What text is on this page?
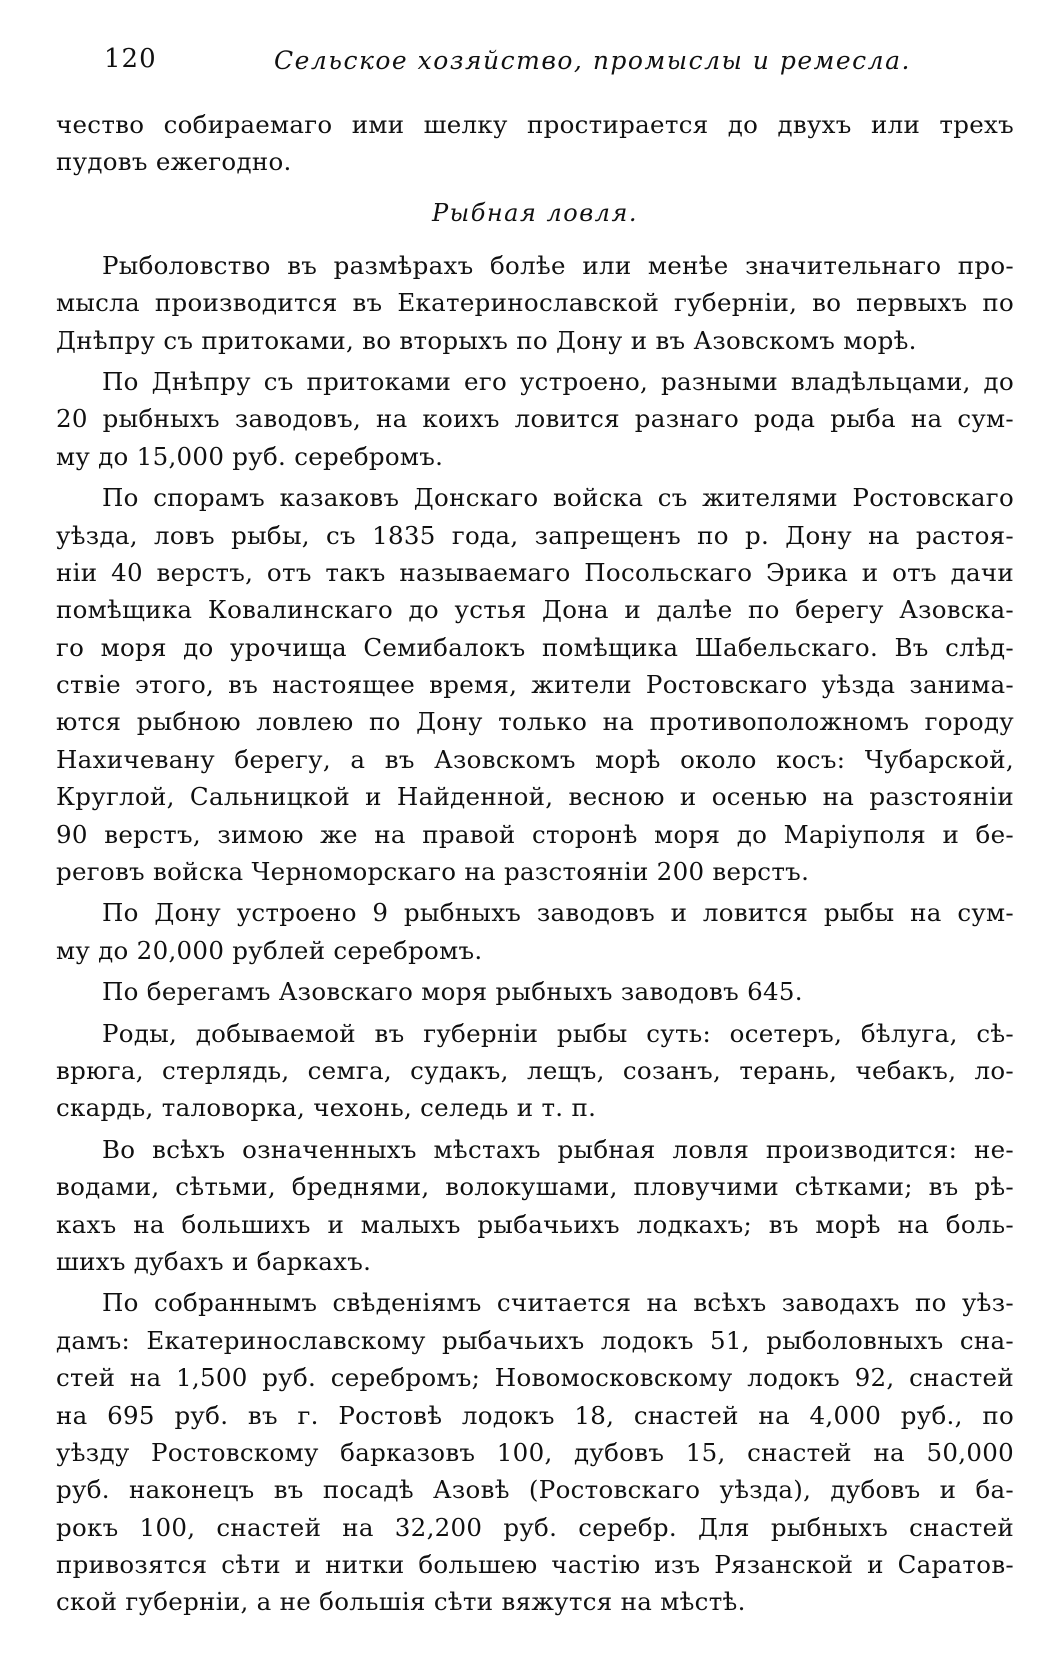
120	Сельское хозяйство, промыслы и ремесла.
чество собираемаго ими шелку простирается до двухъ или трехъ
пудовъ ежегодно.
Рыбная ловля.
Рыболовство въ размѣрахъ болѣе или менѣе значительнаго про-
мысла производится въ Екатеринославской губерніи, во первыхъ по
Днѣпру съ притоками, во вторыхъ по Дону и въ Азовскомъ морѣ.
По Днѣпру съ притоками его устроено, разными владѣльцами, до
20 рыбныхъ заводовъ, на коихъ ловится разнаго рода рыба на сум-
му до 15,000 руб. серебромъ.
По спорамъ казаковъ Донскаго войска съ жителями Ростовскаго
уѣзда, ловъ рыбы, съ 1835 года, запрещенъ по р. Дону на растоя-
ніи 40 верстъ, отъ такъ называемаго Посольскаго Эрика и отъ дачи
помѣщика Ковалинскаго до устья Дона и далѣе по берегу Азовска-
го моря до урочища Семибалокъ помѣщика Шабельскаго. Въ слѣд-
ствіе этого, въ настоящее время, жители Ростовскаго уѣзда занима-
ются рыбною ловлею по Дону только на противоположномъ городу
Нахичевану берегу, а въ Азовскомъ морѣ около косъ: Чубарской,
Круглой, Сальницкой и Найденной, весною и осенью на разстояніи
90 верстъ, зимою же на правой сторонѣ моря до Маріуполя и бе-
реговъ войска Черноморскаго на разстояніи 200 верстъ.
По Дону устроено 9 рыбныхъ заводовъ и ловится рыбы на сум-
му до 20,000 рублей серебромъ.
По берегамъ Азовскаго моря рыбныхъ заводовъ 645.
Роды, добываемой въ губерніи рыбы суть: осетеръ, бѣлуга, сѣ-
врюга, стерлядь, семга, судакъ, лещъ, созанъ, терань, чебакъ, ло-
скардь, таловорка, чехонь, селедь и т. п.
Во всѣхъ означенныхъ мѣстахъ рыбная ловля производится: не-
водами, сѣтьми, бреднями, волокушами, пловучими сѣтками; въ рѣ-
кахъ на большихъ и малыхъ рыбачьихъ лодкахъ; въ морѣ на боль-
шихъ дубахъ и баркахъ.
По собраннымъ свѣденіямъ считается на всѣхъ заводахъ по уѣз-
дамъ: Екатеринославскому рыбачьихъ лодокъ 51, рыболовныхъ сна-
стей на 1,500 руб. серебромъ; Новомосковскому лодокъ 92, снастей
на 695 руб. въ г. Ростовѣ лодокъ 18, снастей на 4,000 руб., по
уѣзду Ростовскому барказовъ 100, дубовъ 15, снастей на 50,000
руб. наконецъ въ посадѣ Азовѣ (Ростовскаго уѣзда), дубовъ и ба-
рокъ 100, снастей на 32,200 руб. серебр. Для рыбныхъ снастей
привозятся сѣти и нитки большею частію изъ Рязанской и Саратов-
ской губерніи, а не большія сѣти вяжутся на мѣстѣ.
